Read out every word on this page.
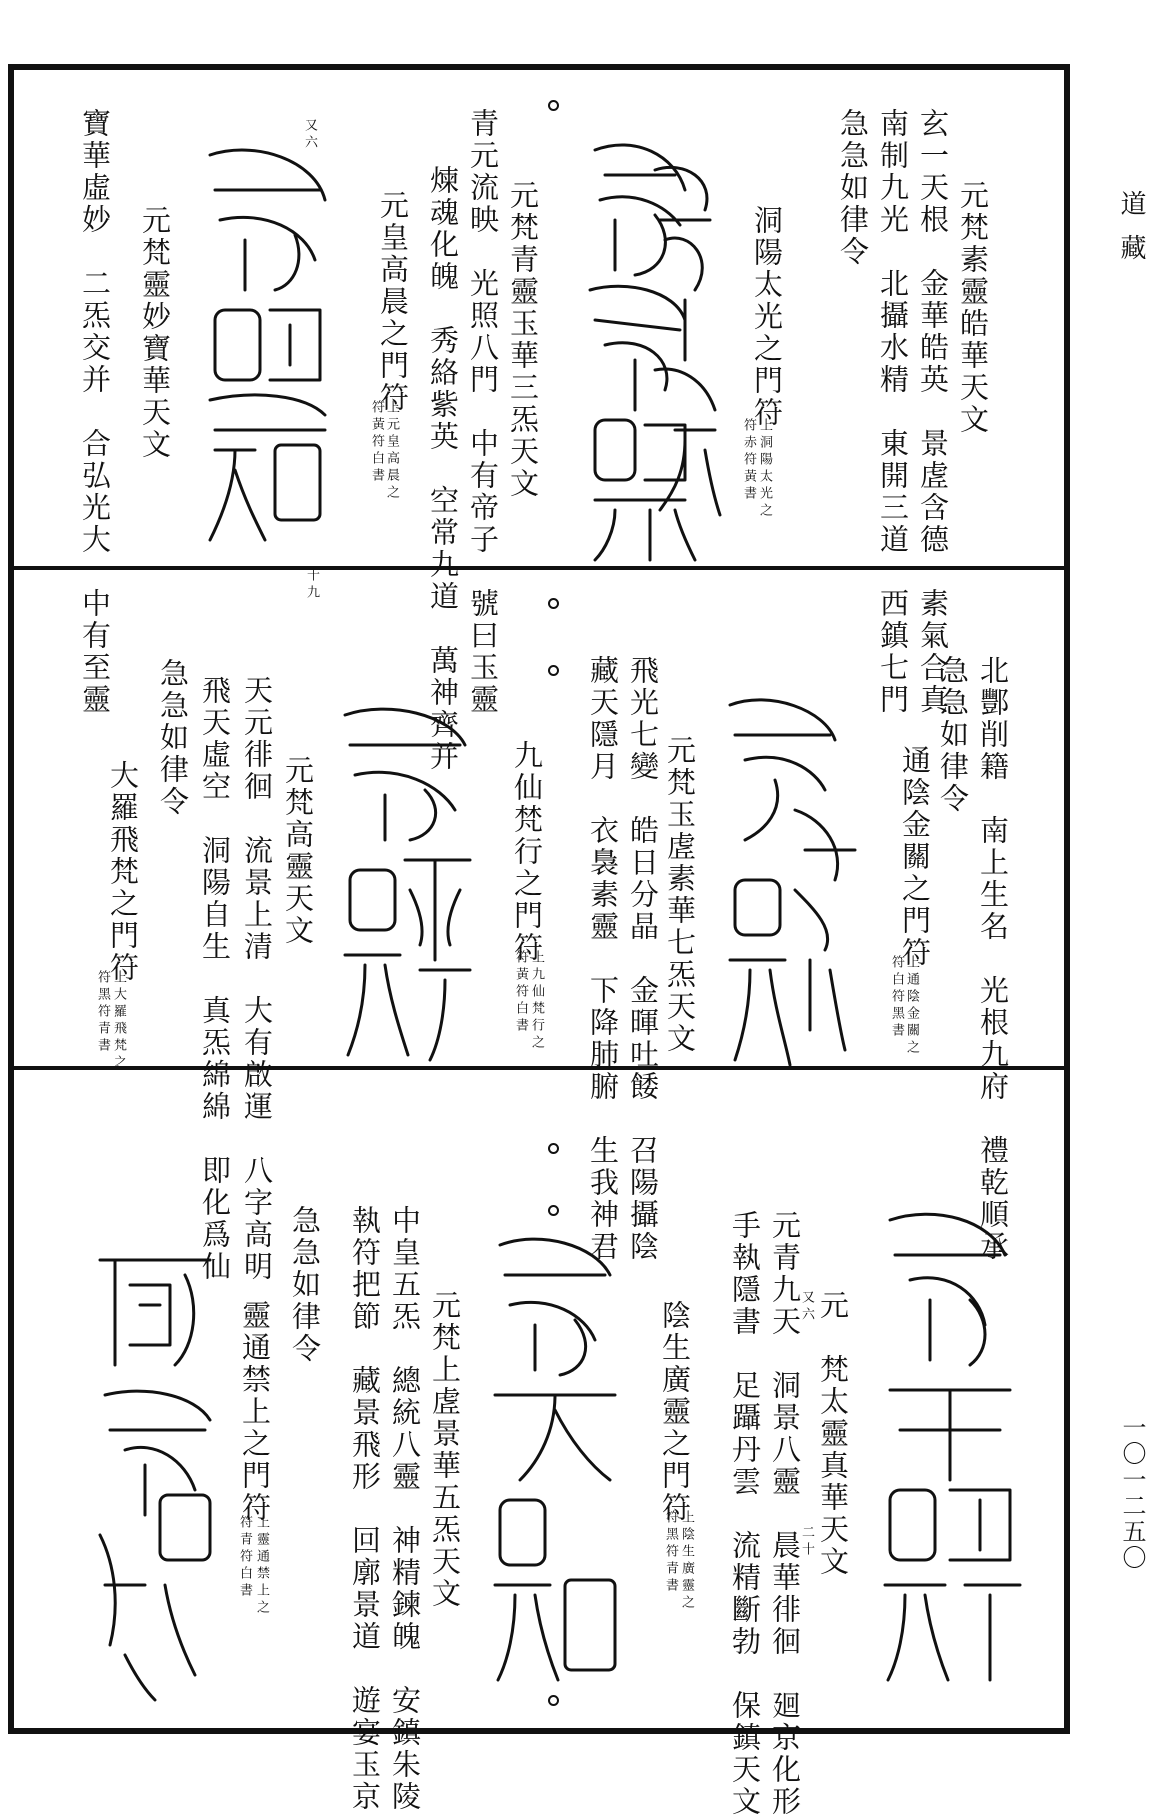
道藏
一〇一二五〇
元梵素靈皓華天文
玄一天根　金華皓英　景虗含德　素氣合真
南制九光　北攝水精　東開三道　西鎮七門
急急如律令
洞陽太光之門符
上洞陽太光之
符赤符黃書
元梵青靈玉華三炁天文
青元流映　光照八門　中有帝子　號曰玉靈
煉魂化魄　秀絡紫英　空常九道　萬神齊并
元皇高晨之門符
上元皇高晨之
符黃符白書
又六
十九
元梵靈妙寶華天文
寶華虛妙　二炁交并　合弘光大　中有至靈
北酆削籍　南上生名　光根九府　禮乾順承
急急如律令
通陰金關之門符
上通陰金關之
符白符黑書
元梵玉虗素華七炁天文
飛光七變　皓日分晶　金暉吐餧　召陽攝陰
藏天隱月　衣裊素靈　下降肺腑　生我神君
九仙梵行之門符
上九仙梵行之
符黃符白書
元梵高靈天文
天元徘徊　流景上清　大有啟運　八字高明
飛天虛空　洞陽自生　真炁綿綿　即化爲仙
急急如律令
大羅飛梵之門符
上大羅飛梵之
符黑符青書
元　梵太靈真華天文
元青九天　洞景八靈　晨華徘徊　廻京化形
手執隱書　足躡丹雲　流精斷勃　保鎮天文
陰生廣靈之門符
上陰生廣靈之
符黑符青書
又六
二十
元梵上虗景華五炁天文
中皇五炁　總統八靈　神精鍊魄　安鎮朱陵
執符把節　藏景飛形　回廓景道　遊宴玉京
急急如律令
靈通禁上之門符
上靈通禁上之
符青符白書
